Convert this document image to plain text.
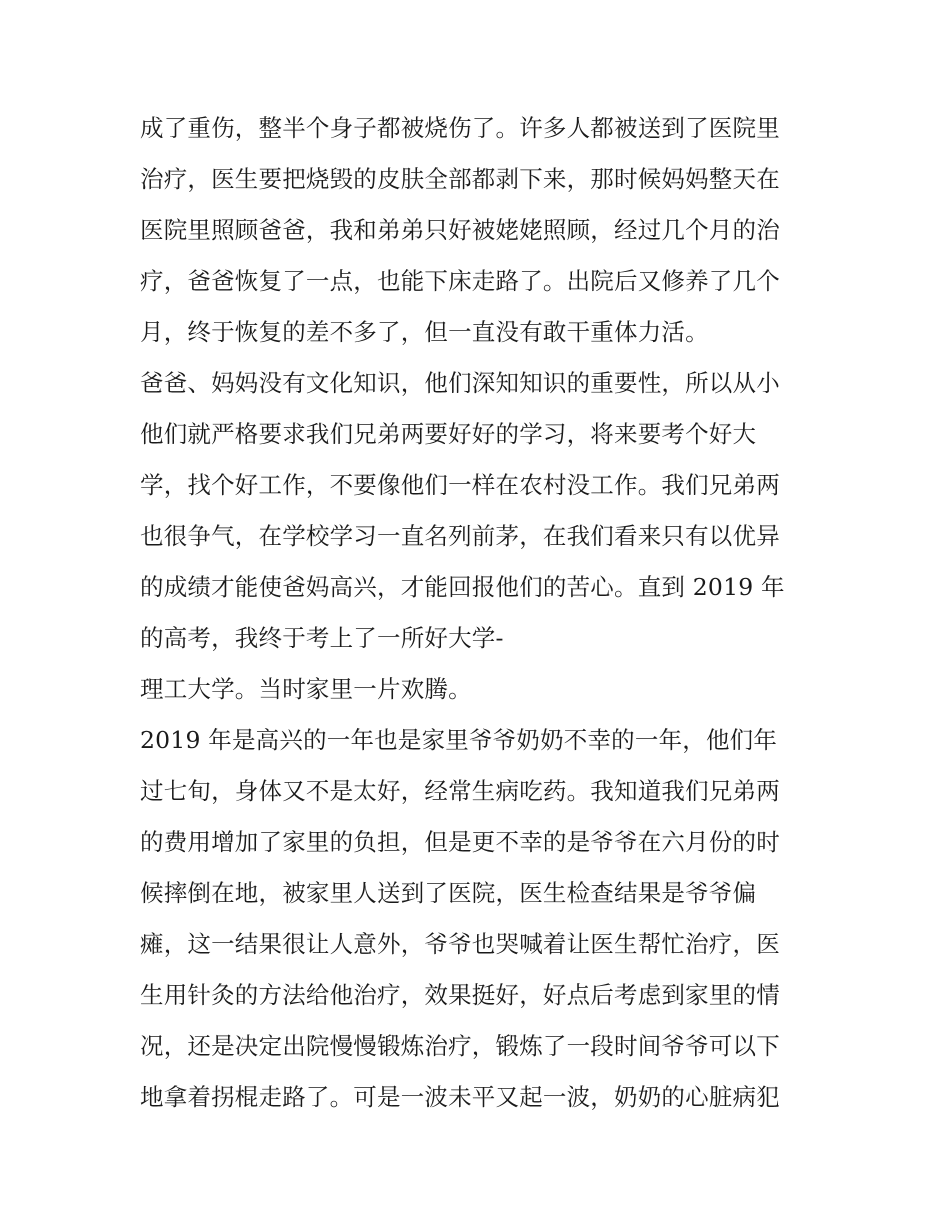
成了重伤，整半个身子都被烧伤了。许多人都被送到了医院里
治疗，医生要把烧毁的皮肤全部都剥下来，那时候妈妈整天在
医院里照顾爸爸，我和弟弟只好被姥姥照顾，经过几个月的治
疗，爸爸恢复了一点，也能下床走路了。出院后又修养了几个
月，终于恢复的差不多了，但一直没有敢干重体力活。
爸爸、妈妈没有文化知识，他们深知知识的重要性，所以从小
他们就严格要求我们兄弟两要好好的学习，将来要考个好大
学，找个好工作，不要像他们一样在农村没工作。我们兄弟两
也很争气，在学校学习一直名列前茅，在我们看来只有以优异
的成绩才能使爸妈高兴，才能回报他们的苦心。直到 2019 年
的高考，我终于考上了一所好大学-
理工大学。当时家里一片欢腾。
2019 年是高兴的一年也是家里爷爷奶奶不幸的一年，他们年
过七旬，身体又不是太好，经常生病吃药。我知道我们兄弟两
的费用增加了家里的负担，但是更不幸的是爷爷在六月份的时
候摔倒在地，被家里人送到了医院，医生检查结果是爷爷偏
瘫，这一结果很让人意外，爷爷也哭喊着让医生帮忙治疗，医
生用针灸的方法给他治疗，效果挺好，好点后考虑到家里的情
况，还是决定出院慢慢锻炼治疗，锻炼了一段时间爷爷可以下
地拿着拐棍走路了。可是一波未平又起一波，奶奶的心脏病犯
